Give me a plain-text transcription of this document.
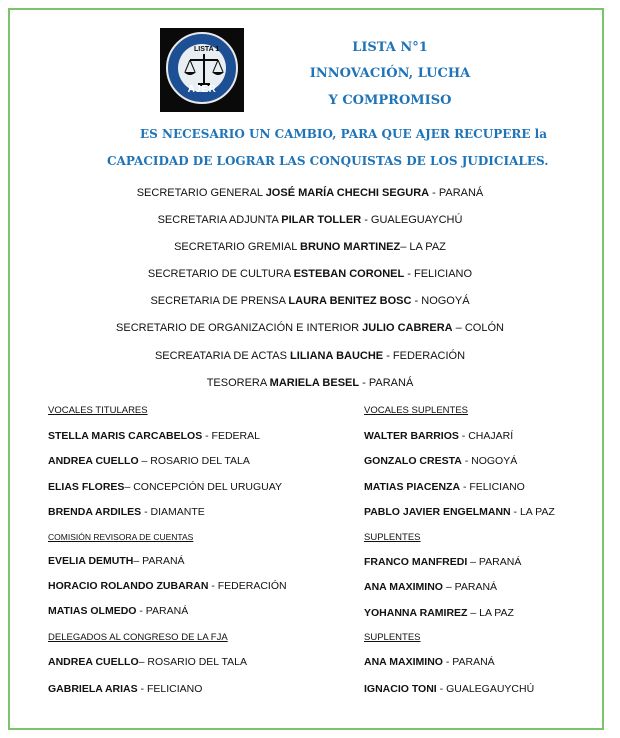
LISTA 1
AJER
LISTA N°1
INNOVACIÓN, LUCHA
Y COMPROMISO
ES NECESARIO UN CAMBIO, PARA QUE AJER RECUPERE la
CAPACIDAD DE LOGRAR LAS CONQUISTAS DE LOS JUDICIALES.
SECRETARIO GENERAL JOSÉ MARÍA CHECHI SEGURA - PARANÁ
SECRETARIA ADJUNTA PILAR TOLLER - GUALEGUAYCHÚ
SECRETARIO GREMIAL BRUNO MARTINEZ– LA PAZ
SECRETARIO DE CULTURA ESTEBAN CORONEL - FELICIANO
SECRETARIA DE PRENSA LAURA BENITEZ BOSC - NOGOYÁ
SECRETARIO DE ORGANIZACIÓN E INTERIOR JULIO CABRERA – COLÓN
SECREATARIA DE ACTAS LILIANA BAUCHE - FEDERACIÓN
TESORERA MARIELA BESEL - PARANÁ
VOCALES TITULARES
STELLA MARIS CARCABELOS - FEDERAL
ANDREA CUELLO – ROSARIO DEL TALA
ELIAS FLORES– CONCEPCIÓN DEL URUGUAY
BRENDA ARDILES - DIAMANTE
COMISIÓN REVISORA DE CUENTAS
EVELIA DEMUTH– PARANÁ
HORACIO ROLANDO ZUBARAN - FEDERACIÓN
MATIAS OLMEDO - PARANÁ
DELEGADOS AL CONGRESO DE LA FJA
ANDREA CUELLO– ROSARIO DEL TALA
GABRIELA ARIAS - FELICIANO
VOCALES SUPLENTES
WALTER BARRIOS - CHAJARÍ
GONZALO CRESTA - NOGOYÁ
MATIAS PIACENZA - FELICIANO
PABLO JAVIER ENGELMANN - LA PAZ
SUPLENTES
FRANCO MANFREDI – PARANÁ
ANA MAXIMINO – PARANÁ
YOHANNA RAMIREZ – LA PAZ
SUPLENTES
ANA MAXIMINO - PARANÁ
IGNACIO TONI - GUALEGAUYCHÚ
